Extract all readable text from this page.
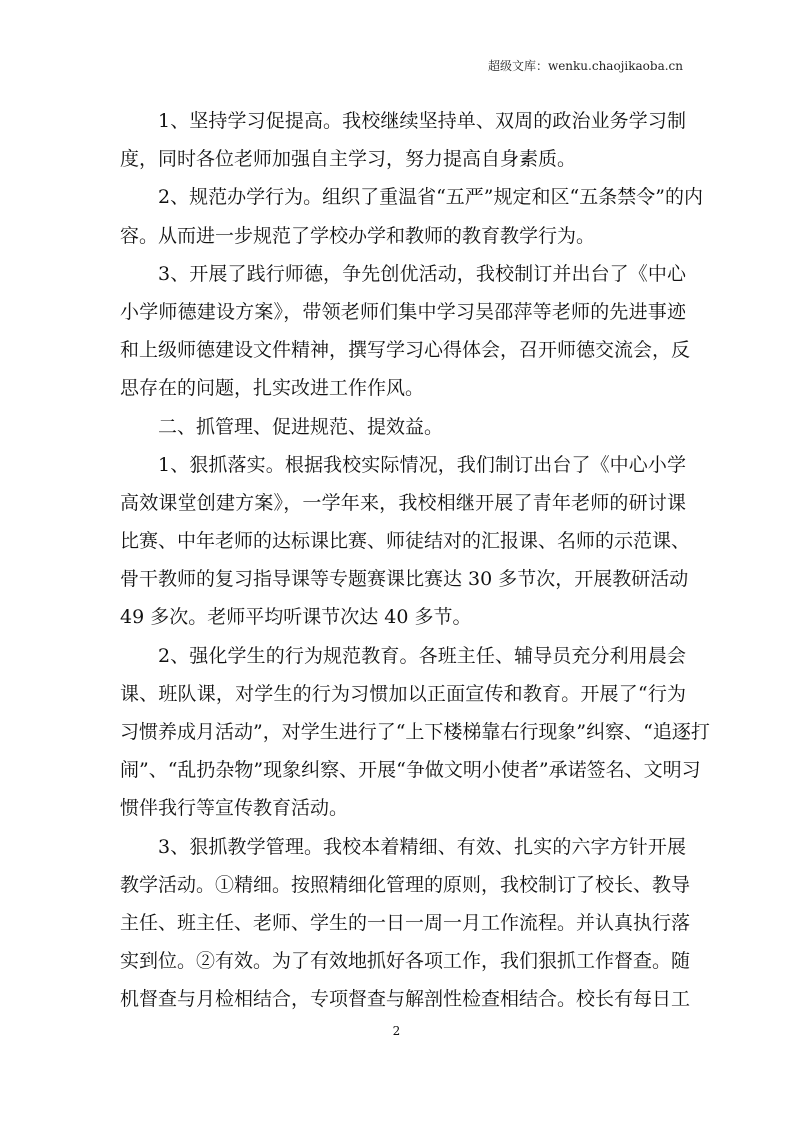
超级文库：wenku.chaojikaoba.cn
1、坚持学习促提高。我校继续坚持单、双周的政治业务学习制
度，同时各位老师加强自主学习，努力提高自身素质。
2、规范办学行为。组织了重温省“五严”规定和区“五条禁令”的内
容。从而进一步规范了学校办学和教师的教育教学行为。
3、开展了践行师德，争先创优活动，我校制订并出台了《中心
小学师德建设方案》，带领老师们集中学习吴邵萍等老师的先进事迹
和上级师德建设文件精神，撰写学习心得体会，召开师德交流会，反
思存在的问题，扎实改进工作作风。
二、抓管理、促进规范、提效益。
1、狠抓落实。根据我校实际情况，我们制订出台了《中心小学
高效课堂创建方案》，一学年来，我校相继开展了青年老师的研讨课
比赛、中年老师的达标课比赛、师徒结对的汇报课、名师的示范课、
骨干教师的复习指导课等专题赛课比赛达 30 多节次，开展教研活动
49 多次。老师平均听课节次达 40 多节。
2、强化学生的行为规范教育。各班主任、辅导员充分利用晨会
课、班队课，对学生的行为习惯加以正面宣传和教育。开展了“行为
习惯养成月活动”，对学生进行了“上下楼梯靠右行现象”纠察、“追逐打
闹”、“乱扔杂物”现象纠察、开展“争做文明小使者”承诺签名、文明习
惯伴我行等宣传教育活动。
3、狠抓教学管理。我校本着精细、有效、扎实的六字方针开展
教学活动。①精细。按照精细化管理的原则，我校制订了校长、教导
主任、班主任、老师、学生的一日一周一月工作流程。并认真执行落
实到位。②有效。为了有效地抓好各项工作，我们狠抓工作督查。随
机督查与月检相结合，专项督查与解剖性检查相结合。校长有每日工
2
